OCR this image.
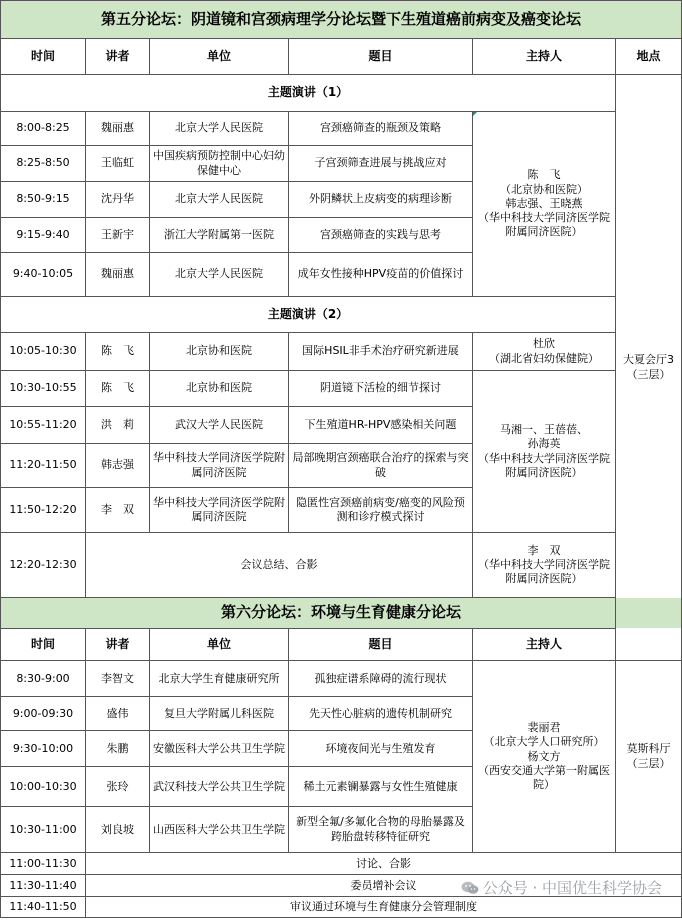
第五分论坛：阴道镜和宫颈病理学分论坛暨下生殖道癌前病变及癌变论坛						
时间	讲者	单位	题目	主持人	地点	
主题演讲（1）					大夏会厅3（三层）	
8:00-8:25	魏丽惠	北京大学人民医院	宫颈癌筛查的瓶颈及策略	陈　飞
（北京协和医院）
韩志强、王晓燕
（华中科技大学同济医学院附属同济医院）		

8:25-8:50	王临虹	中国疾病预防控制中心妇幼保健中心	子宫颈筛查进展与挑战应对			
8:50-9:15	沈丹华	北京大学人民医院	外阴鳞状上皮病变的病理诊断			
9:15-9:40	王新宇	浙江大学附属第一医院	宫颈癌筛查的实践与思考			
9:40-10:05	魏丽惠	北京大学人民医院	成年女性接种HPV疫苗的价值探讨			
主题演讲（2）						
10:05-10:30	陈　飞	北京协和医院	国际HSIL非手术治疗研究新进展	杜欣
（湖北省妇幼保健院）		

10:30-10:55	陈　飞	北京协和医院	阴道镜下活检的细节探讨	马湘一、王蓓蓓、
孙海英
（华中科技大学同济医学院附属同济医院）		

10:55-11:20	洪　莉	武汉大学人民医院	下生殖道HR-HPV感染相关问题			
11:20-11:50	韩志强	华中科技大学同济医学院附属同济医院	局部晚期宫颈癌联合治疗的探索与突破			
11:50-12:20	李　双	华中科技大学同济医学院附属同济医院	隐匿性宫颈癌前病变/癌变的风险预测和诊疗模式探讨			
12:20-12:30	会议总结、合影			李　双
（华中科技大学同济医学院附属同济医院）		

第六分论坛：环境与生育健康分论坛						
时间	讲者	单位	题目	主持人	
8:30-9:00	李智文	北京大学生育健康研究所	孤独症谱系障碍的流行现状	裴丽君
（北京大学人口研究所）
杨文方
（西安交通大学第一附属医院）	莫斯科厅（三层）	
9:00-09:30	盛伟	复旦大学附属儿科医院	先天性心脏病的遗传机制研究			
9:30-10:00	朱鹏	安徽医科大学公共卫生学院	环境夜间光与生殖发育			
10:00-10:30	张玲	武汉科技大学公共卫生学院	稀土元素镧暴露与女性生殖健康			
10:30-11:00	刘良坡	山西医科大学公共卫生学院	新型全氟/多氟化合物的母胎暴露及跨胎盘转移特征研究			
11:00-11:30	讨论、合影					
11:30-11:40	委员增补会议					
11:40-11:50	审议通过环境与生育健康分会管理制度					
公众号 · 中国优生科学协会
